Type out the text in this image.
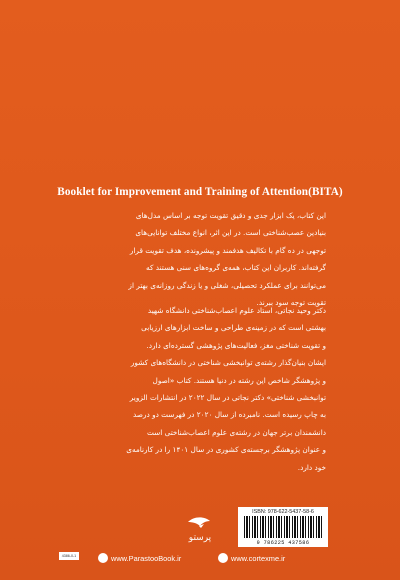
Booklet for Improvement and Training of Attention(BITA)
این کتاب، یک ابزار جدی و دقیق تقویت توجه بر اساس مدل‌های
بنیادین عصب‌شناختی است. در این اثر، انواع مختلف توانایی‌های
توجهی در ده گام با تکالیف هدفمند و پیشرونده، هدف تقویت قرار
گرفته‌اند. کاربران این کتاب، همه‌ی گروه‌های سنی هستند که
می‌توانند برای عملکرد تحصیلی، شغلی و یا زندگی روزانه‌ی بهتر از
تقویت توجه سود ببرند.
دکتر وحید نجاتی، استاد علوم اعصاب‌شناختی دانشگاه شهید
بهشتی است که در زمینه‌ی طراحی و ساخت ابزارهای ارزیابی
و تقویت شناختی مغز، فعالیت‌های پژوهشی گسترده‌ای دارد.
ایشان بنیان‌گذار رشته‌ی توانبخشی شناختی در دانشگاه‌های کشور
و پژوهشگر شاخص این رشته در دنیا هستند. کتاب «اصول
توانبخشی شناختی» دکتر نجاتی در سال ۲۰۲۲ در انتشارات الزویر
به چاپ رسیده است. نامبرده از سال ۲۰۲۰ در فهرست دو درصد
دانشمندان برتر جهان در رشته‌ی علوم اعصاب‌شناختی است
و عنوان پژوهشگر برجسته‌ی کشوری در سال ۱۴۰۱ را در کارنامه‌ی
خود دارد.
پرستو
ISBN: 978-622-5437-58-6
9 786225 437586
4386-0-1	www.ParastooBook.ir	www.cortexme.ir
